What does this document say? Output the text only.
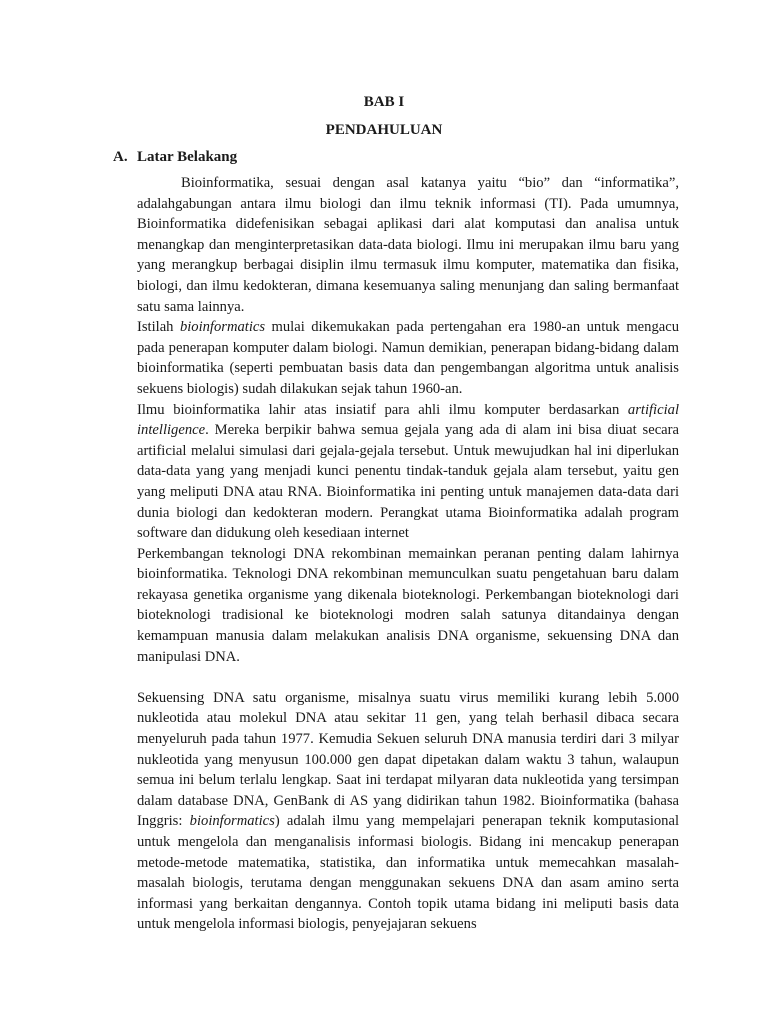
BAB I
PENDAHULUAN
A. Latar Belakang

Bioinformatika, sesuai dengan asal katanya yaitu “bio” dan “informatika”, adalahgabungan antara ilmu biologi dan ilmu teknik informasi (TI). Pada umumnya, Bioinformatika didefenisikan sebagai aplikasi dari alat komputasi dan analisa untuk menangkap dan menginterpretasikan data-data biologi. Ilmu ini merupakan ilmu baru yang yang merangkup berbagai disiplin ilmu termasuk ilmu komputer, matematika dan fisika, biologi, dan ilmu kedokteran, dimana kesemuanya saling menunjang dan saling bermanfaat satu sama lainnya.

Istilah bioinformatics mulai dikemukakan pada pertengahan era 1980-an untuk mengacu pada penerapan komputer dalam biologi. Namun demikian, penerapan bidang-bidang dalam bioinformatika (seperti pembuatan basis data dan pengembangan algoritma untuk analisis sekuens biologis) sudah dilakukan sejak tahun 1960-an.

Ilmu bioinformatika lahir atas insiatif para ahli ilmu komputer berdasarkan artificial intelligence. Mereka berpikir bahwa semua gejala yang ada di alam ini bisa diuat secara artificial melalui simulasi dari gejala-gejala tersebut. Untuk mewujudkan hal ini diperlukan data-data yang yang menjadi kunci penentu tindak-tanduk gejala alam tersebut, yaitu gen yang meliputi DNA atau RNA. Bioinformatika ini penting untuk manajemen data-data dari dunia biologi dan kedokteran modern. Perangkat utama Bioinformatika adalah program software dan didukung oleh kesediaan internet

Perkembangan teknologi DNA rekombinan memainkan peranan penting dalam lahirnya bioinformatika. Teknologi DNA rekombinan memunculkan suatu pengetahuan baru dalam rekayasa genetika organisme yang dikenala bioteknologi. Perkembangan bioteknologi dari bioteknologi tradisional ke bioteknologi modren salah satunya ditandainya dengan kemampuan manusia dalam melakukan analisis DNA organisme, sekuensing DNA dan manipulasi DNA.

Sekuensing DNA satu organisme, misalnya suatu virus memiliki kurang lebih 5.000 nukleotida atau molekul DNA atau sekitar 11 gen, yang telah berhasil dibaca secara menyeluruh pada tahun 1977. Kemudia Sekuen seluruh DNA manusia terdiri dari 3 milyar nukleotida yang menyusun 100.000 gen dapat dipetakan dalam waktu 3 tahun, walaupun semua ini belum terlalu lengkap. Saat ini terdapat milyaran data nukleotida yang tersimpan dalam database DNA, GenBank di AS yang didirikan tahun 1982. Bioinformatika (bahasa Inggris: bioinformatics) adalah ilmu yang mempelajari penerapan teknik komputasional untuk mengelola dan menganalisis informasi biologis. Bidang ini mencakup penerapan metode-metode matematika, statistika, dan informatika untuk memecahkan masalah-masalah biologis, terutama dengan menggunakan sekuens DNA dan asam amino serta informasi yang berkaitan dengannya. Contoh topik utama bidang ini meliputi basis data untuk mengelola informasi biologis, penyejajaran sekuens
